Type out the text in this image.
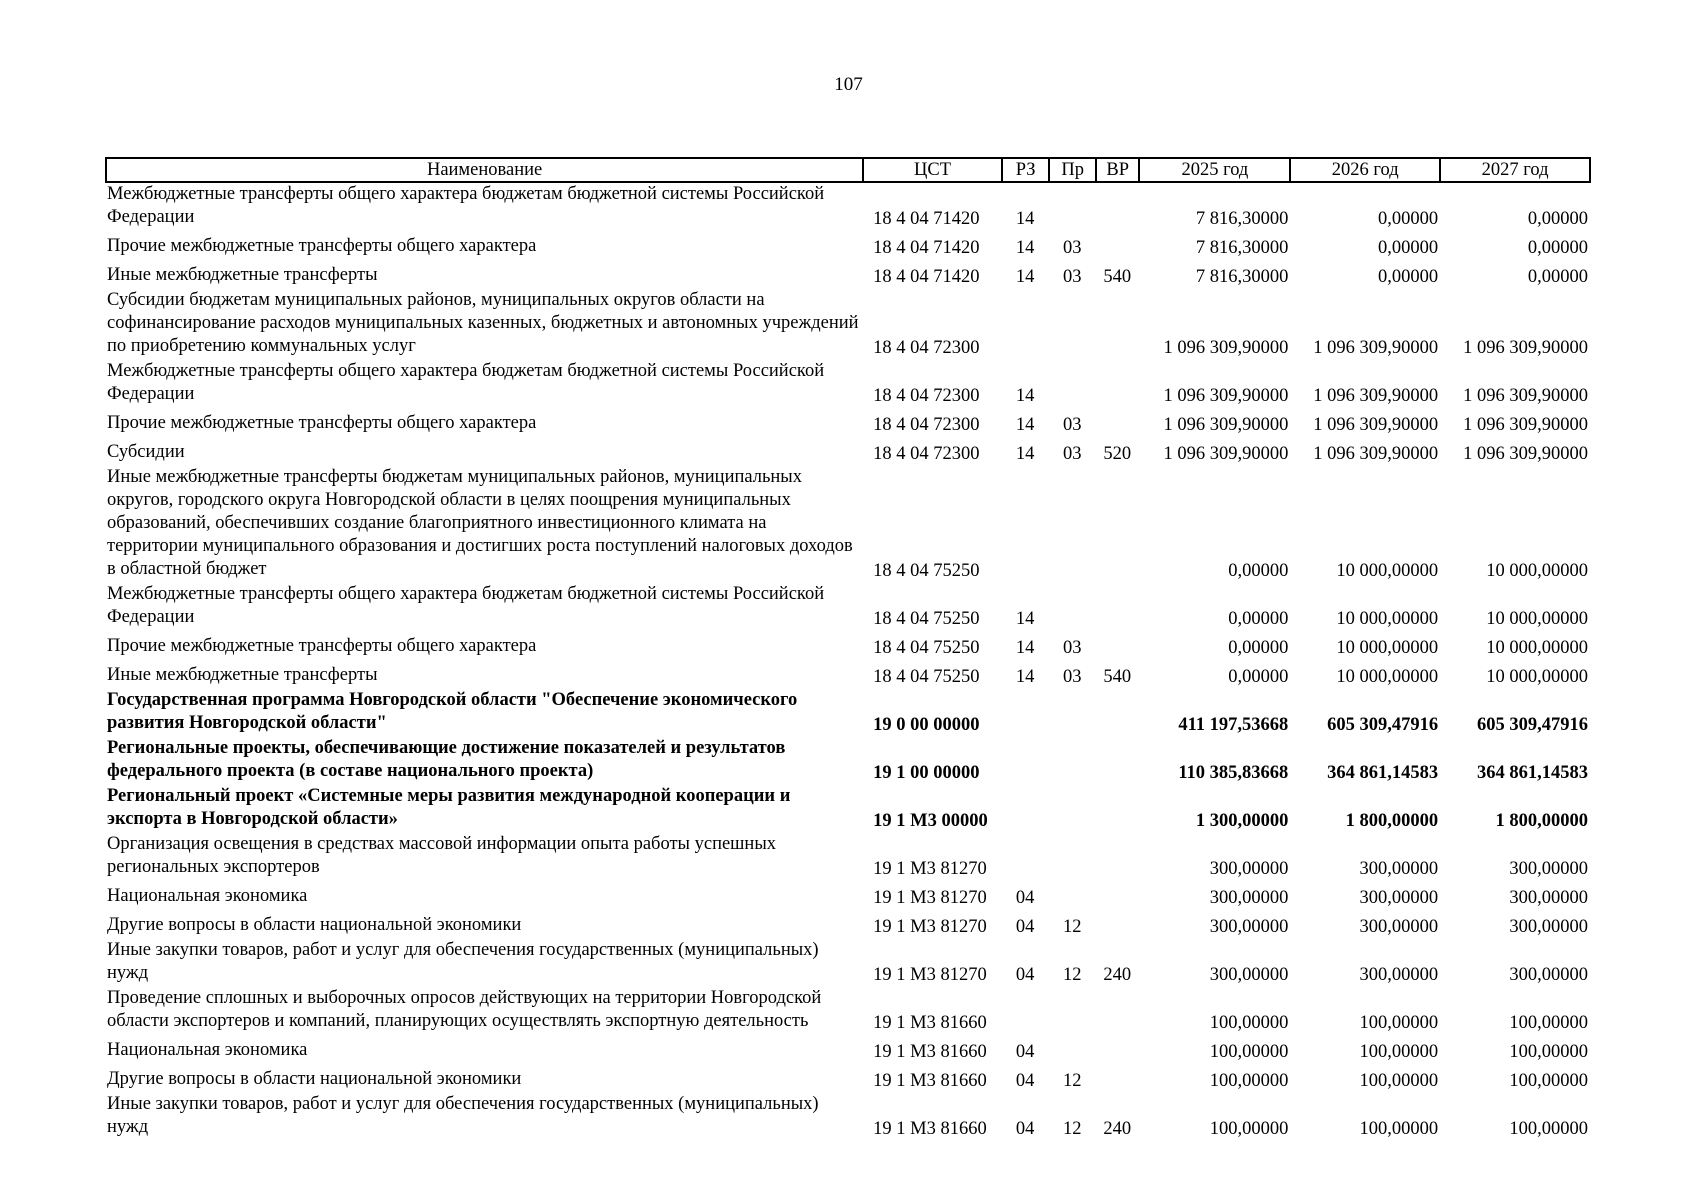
107
Наименование	ЦСТ	РЗ	Пр	ВР	2025 год	2026 год	2027 год
Межбюджетные трансферты общего характера бюджетам бюджетной системы Российской Федерации	18 4 04 71420	14			7 816,30000	0,00000	0,00000
Прочие межбюджетные трансферты общего характера	18 4 04 71420	14	03		7 816,30000	0,00000	0,00000
Иные межбюджетные трансферты	18 4 04 71420	14	03	540	7 816,30000	0,00000	0,00000
Субсидии бюджетам муниципальных районов, муниципальных округов области на софинансирование расходов муниципальных казенных, бюджетных и автономных учреждений по приобретению коммунальных услуг	18 4 04 72300				1 096 309,90000	1 096 309,90000	1 096 309,90000
Межбюджетные трансферты общего характера бюджетам бюджетной системы Российской Федерации	18 4 04 72300	14			1 096 309,90000	1 096 309,90000	1 096 309,90000
Прочие межбюджетные трансферты общего характера	18 4 04 72300	14	03		1 096 309,90000	1 096 309,90000	1 096 309,90000
Субсидии	18 4 04 72300	14	03	520	1 096 309,90000	1 096 309,90000	1 096 309,90000
Иные межбюджетные трансферты бюджетам муниципальных районов, муниципальных округов, городского округа Новгородской области в целях поощрения муниципальных образований, обеспечивших создание благоприятного инвестиционного климата на территории муниципального образования и достигших роста поступлений налоговых доходов в областной бюджет	18 4 04 75250				0,00000	10 000,00000	10 000,00000
Межбюджетные трансферты общего характера бюджетам бюджетной системы Российской Федерации	18 4 04 75250	14			0,00000	10 000,00000	10 000,00000
Прочие межбюджетные трансферты общего характера	18 4 04 75250	14	03		0,00000	10 000,00000	10 000,00000
Иные межбюджетные трансферты	18 4 04 75250	14	03	540	0,00000	10 000,00000	10 000,00000
Государственная программа Новгородской области "Обеспечение экономического развития Новгородской области"	19 0 00 00000				411 197,53668	605 309,47916	605 309,47916
Региональные проекты, обеспечивающие достижение показателей и результатов федерального проекта (в составе национального проекта)	19 1 00 00000				110 385,83668	364 861,14583	364 861,14583
Региональный проект «Системные меры развития международной кооперации и экспорта в Новгородской области»	19 1 М3 00000				1 300,00000	1 800,00000	1 800,00000
Организация освещения в средствах массовой информации опыта работы успешных региональных экспортеров	19 1 М3 81270				300,00000	300,00000	300,00000
Национальная экономика	19 1 М3 81270	04			300,00000	300,00000	300,00000
Другие вопросы в области национальной экономики	19 1 М3 81270	04	12		300,00000	300,00000	300,00000
Иные закупки товаров, работ и услуг для обеспечения государственных (муниципальных) нужд	19 1 М3 81270	04	12	240	300,00000	300,00000	300,00000
Проведение сплошных и выборочных опросов действующих на территории Новгородской области экспортеров и компаний, планирующих осуществлять экспортную деятельность	19 1 М3 81660				100,00000	100,00000	100,00000
Национальная экономика	19 1 М3 81660	04			100,00000	100,00000	100,00000
Другие вопросы в области национальной экономики	19 1 М3 81660	04	12		100,00000	100,00000	100,00000
Иные закупки товаров, работ и услуг для обеспечения государственных (муниципальных) нужд	19 1 М3 81660	04	12	240	100,00000	100,00000	100,00000
